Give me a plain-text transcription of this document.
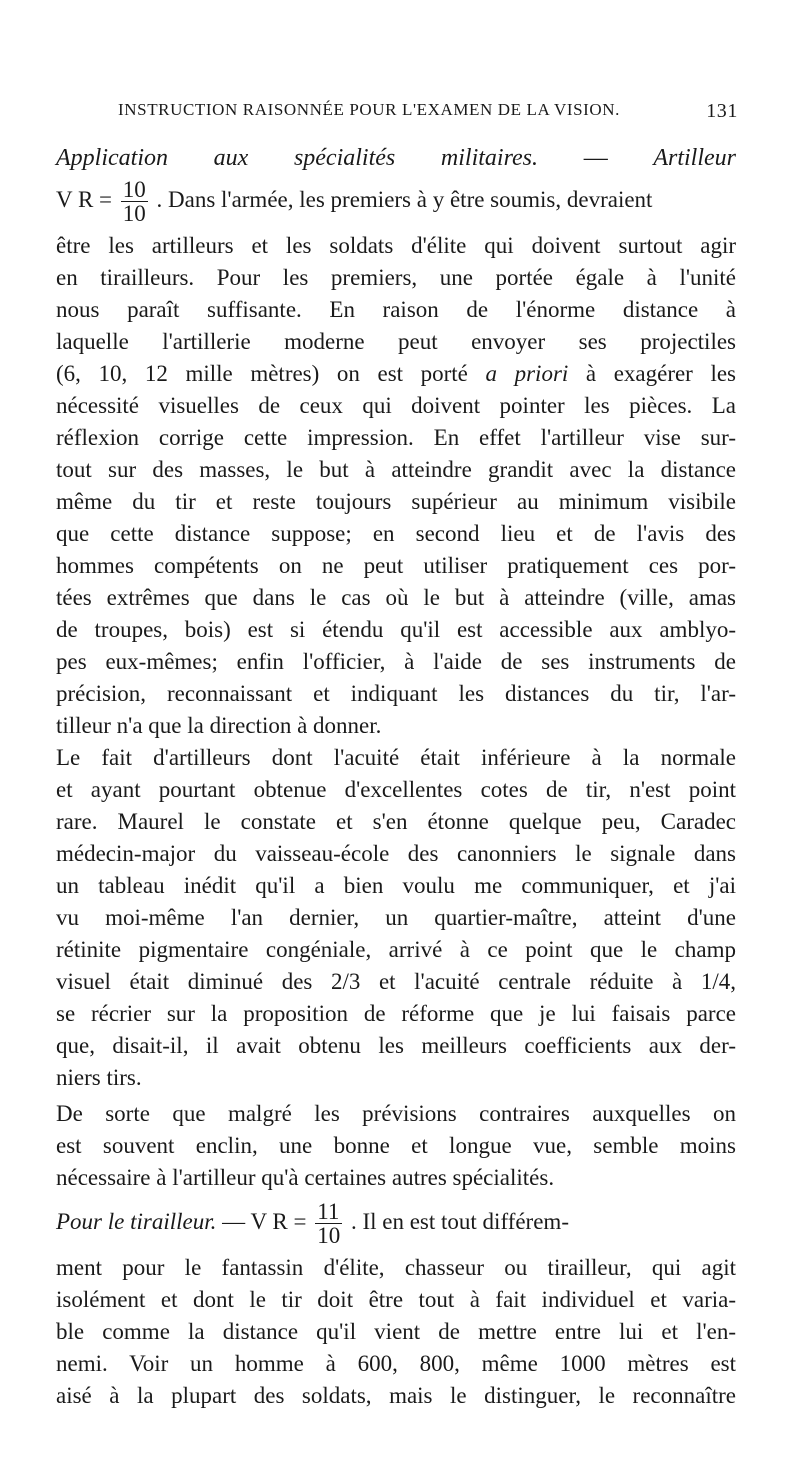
INSTRUCTION RAISONNÉE POUR L'EXAMEN DE LA VISION.	131
Application aux spécialités militaires. — Artilleur
V $R = \frac{10}{10}$ . Dans l'armée, les premiers à y être soumis, devraient
être les artilleurs et les soldats d'élite qui doivent surtout agir
en tirailleurs. Pour les premiers, une portée égale à l'unité
nous paraît suffisante. En raison de l'énorme distance à
laquelle l'artillerie moderne peut envoyer ses projectiles
(6, 10, 12 mille mètres) on est porté a priori à exagérer les
nécessité visuelles de ceux qui doivent pointer les pièces. La
réflexion corrige cette impression. En effet l'artilleur vise sur-
tout sur des masses, le but à atteindre grandit avec la distance
même du tir et reste toujours supérieur au minimum visibile
que cette distance suppose; en second lieu et de l'avis des
hommes compétents on ne peut utiliser pratiquement ces por-
tées extrêmes que dans le cas où le but à atteindre (ville, amas
de troupes, bois) est si étendu qu'il est accessible aux amblyo-
pes eux-mêmes; enfin l'officier, à l'aide de ses instruments de
précision, reconnaissant et indiquant les distances du tir, l'ar-
tilleur n'a que la direction à donner.
Le fait d'artilleurs dont l'acuité était inférieure à la normale
et ayant pourtant obtenue d'excellentes cotes de tir, n'est point
rare. Maurel le constate et s'en étonne quelque peu, Caradec
médecin-major du vaisseau-école des canonniers le signale dans
un tableau inédit qu'il a bien voulu me communiquer, et j'ai
vu moi-même l'an dernier, un quartier-maître, atteint d'une
rétinite pigmentaire congéniale, arrivé à ce point que le champ
visuel était diminué des 2/3 et l'acuité centrale réduite à 1/4,
se récrier sur la proposition de réforme que je lui faisais parce
que, disait-il, il avait obtenu les meilleurs coefficients aux der-
niers tirs.
De sorte que malgré les prévisions contraires auxquelles on
est souvent enclin, une bonne et longue vue, semble moins
nécessaire à l'artilleur qu'à certaines autres spécialités.
Pour le tirailleur. — V $R = \frac{11}{10}$ . Il en est tout différem-
ment pour le fantassin d'élite, chasseur ou tirailleur, qui agit
isolément et dont le tir doit être tout à fait individuel et varia-
ble comme la distance qu'il vient de mettre entre lui et l'en-
nemi. Voir un homme à 600, 800, même 1000 mètres est
aisé à la plupart des soldats, mais le distinguer, le reconnaître
